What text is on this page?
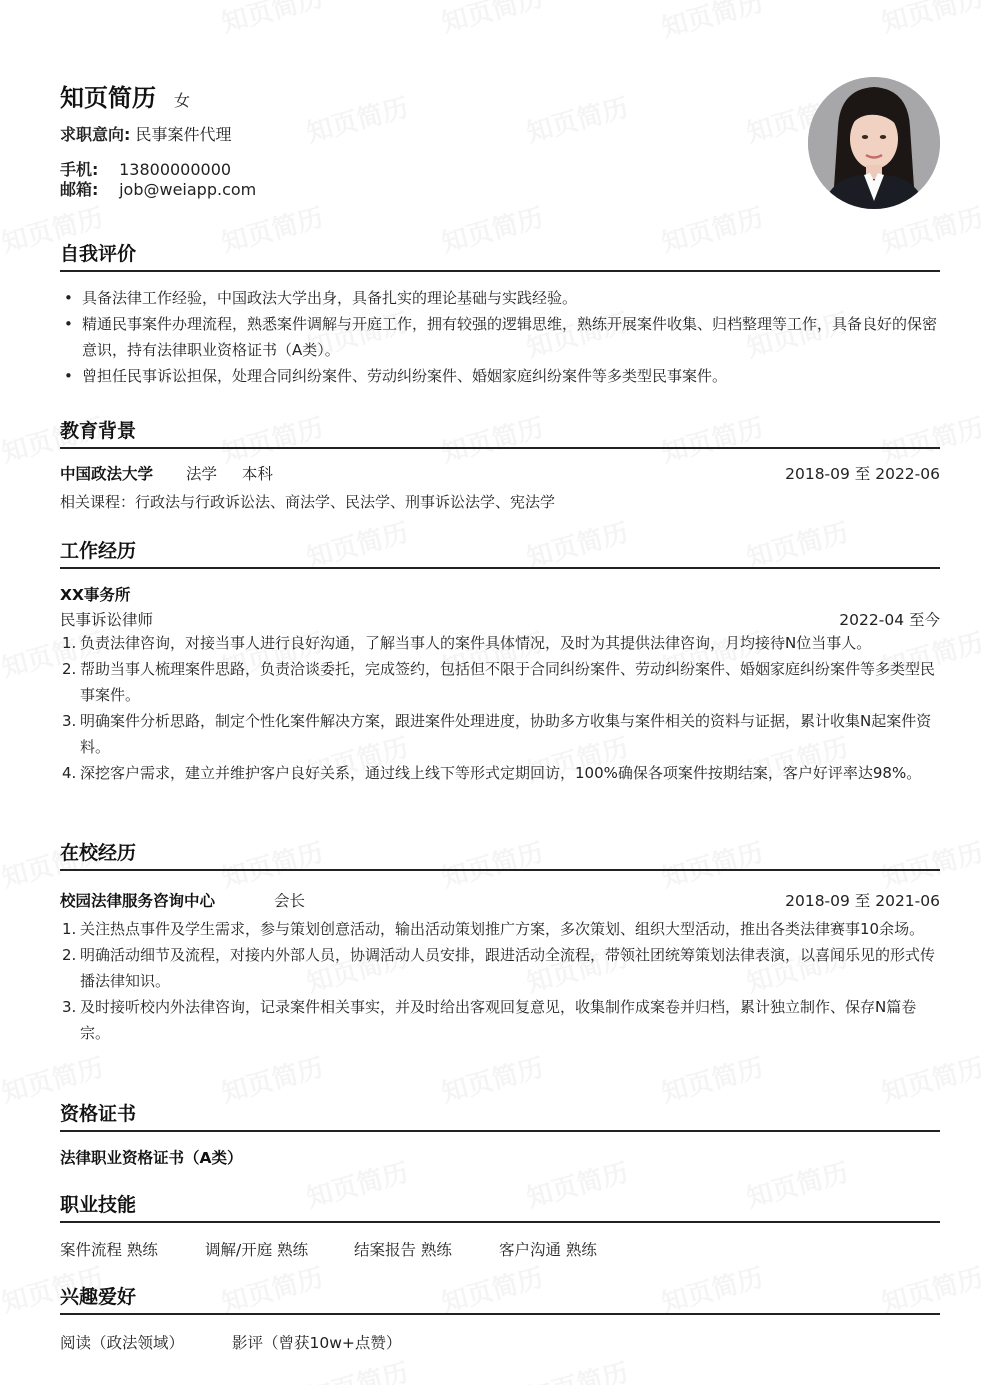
知页简历 女
求职意向: 民事案件代理
手机: 13800000000
邮箱: job@weiapp.com
自我评价
• 具备法律工作经验，中国政法大学出身，具备扎实的理论基础与实践经验。
• 精通民事案件办理流程，熟悉案件调解与开庭工作，拥有较强的逻辑思维，熟练开展案件收集、归档整理等工作，具备良好的保密意识，持有法律职业资格证书（A类）。
• 曾担任民事诉讼担保，处理合同纠纷案件、劳动纠纷案件、婚姻家庭纠纷案件等多类型民事案件。
教育背景
中国政法大学 法学 本科	2018-09 至 2022-06
相关课程：行政法与行政诉讼法、商法学、民法学、刑事诉讼法学、宪法学
工作经历
XX事务所
民事诉讼律师	2022-04 至今
1. 负责法律咨询，对接当事人进行良好沟通，了解当事人的案件具体情况，及时为其提供法律咨询，月均接待N位当事人。
2. 帮助当事人梳理案件思路，负责洽谈委托，完成签约，包括但不限于合同纠纷案件、劳动纠纷案件、婚姻家庭纠纷案件等多类型民事案件。
3. 明确案件分析思路，制定个性化案件解决方案，跟进案件处理进度，协助多方收集与案件相关的资料与证据，累计收集N起案件资料。
4. 深挖客户需求，建立并维护客户良好关系，通过线上线下等形式定期回访，100%确保各项案件按期结案，客户好评率达98%。
在校经历
校园法律服务咨询中心	会长	2018-09 至 2021-06
1. 关注热点事件及学生需求，参与策划创意活动，输出活动策划推广方案，多次策划、组织大型活动，推出各类法律赛事10余场。
2. 明确活动细节及流程，对接内外部人员，协调活动人员安排，跟进活动全流程，带领社团统筹策划法律表演，以喜闻乐见的形式传播法律知识。
3. 及时接听校内外法律咨询，记录案件相关事实，并及时给出客观回复意见，收集制作成案卷并归档，累计独立制作、保存N篇卷宗。
资格证书
法律职业资格证书（A类）
职业技能
案件流程 熟练	调解/开庭 熟练	结案报告 熟练	客户沟通 熟练
兴趣爱好
阅读（政法领域）	影评（曾获10w+点赞）
